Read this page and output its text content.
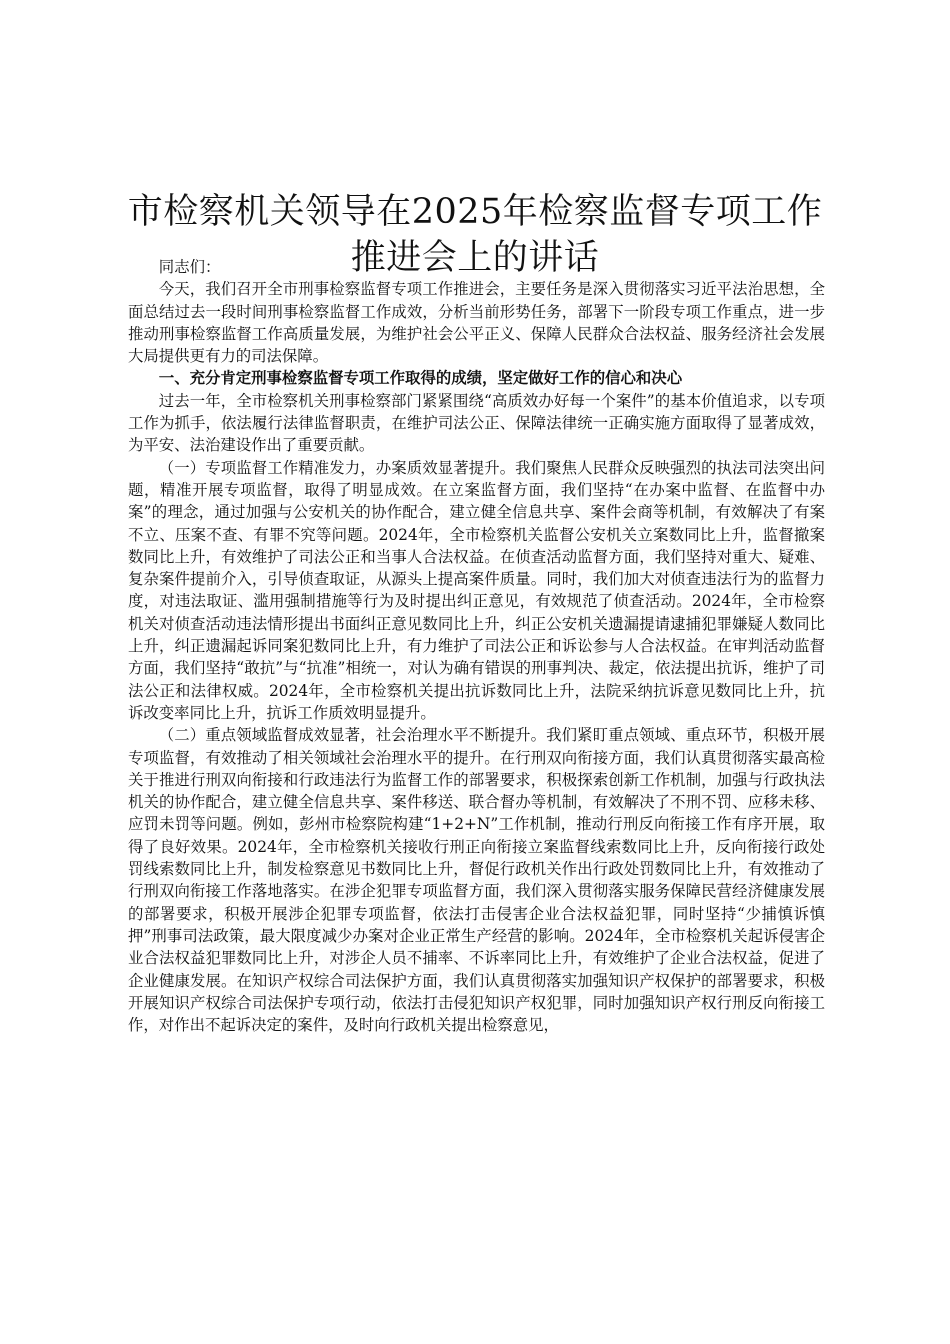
市检察机关领导在2025年检察监督专项工作
推进会上的讲话

同志们：

今天，我们召开全市刑事检察监督专项工作推进会，主要任务是深入贯彻落实习近平法治思想，全面总结过去一段时间刑事检察监督工作成效，分析当前形势任务，部署下一阶段专项工作重点，进一步推动刑事检察监督工作高质量发展，为维护社会公平正义、保障人民群众合法权益、服务经济社会发展大局提供更有力的司法保障。

一、充分肯定刑事检察监督专项工作取得的成绩，坚定做好工作的信心和决心

过去一年，全市检察机关刑事检察部门紧紧围绕“高质效办好每一个案件”的基本价值追求，以专项工作为抓手，依法履行法律监督职责，在维护司法公正、保障法律统一正确实施方面取得了显著成效，为平安、法治建设作出了重要贡献。

（一）专项监督工作精准发力，办案质效显著提升。我们聚焦人民群众反映强烈的执法司法突出问题，精准开展专项监督，取得了明显成效。在立案监督方面，我们坚持“在办案中监督、在监督中办案”的理念，通过加强与公安机关的协作配合，建立健全信息共享、案件会商等机制，有效解决了有案不立、压案不查、有罪不究等问题。2024年，全市检察机关监督公安机关立案数同比上升，监督撤案数同比上升，有效维护了司法公正和当事人合法权益。在侦查活动监督方面，我们坚持对重大、疑难、复杂案件提前介入，引导侦查取证，从源头上提高案件质量。同时，我们加大对侦查违法行为的监督力度，对违法取证、滥用强制措施等行为及时提出纠正意见，有效规范了侦查活动。2024年，全市检察机关对侦查活动违法情形提出书面纠正意见数同比上升，纠正公安机关遗漏提请逮捕犯罪嫌疑人数同比上升，纠正遗漏起诉同案犯数同比上升，有力维护了司法公正和诉讼参与人合法权益。在审判活动监督方面，我们坚持“敢抗”与“抗准”相统一，对认为确有错误的刑事判决、裁定，依法提出抗诉，维护了司法公正和法律权威。2024年，全市检察机关提出抗诉数同比上升，法院采纳抗诉意见数同比上升，抗诉改变率同比上升，抗诉工作质效明显提升。

（二）重点领域监督成效显著，社会治理水平不断提升。我们紧盯重点领域、重点环节，积极开展专项监督，有效推动了相关领域社会治理水平的提升。在行刑双向衔接方面，我们认真贯彻落实最高检关于推进行刑双向衔接和行政违法行为监督工作的部署要求，积极探索创新工作机制，加强与行政执法机关的协作配合，建立健全信息共享、案件移送、联合督办等机制，有效解决了不刑不罚、应移未移、应罚未罚等问题。例如，彭州市检察院构建“1+2+N”工作机制，推动行刑反向衔接工作有序开展，取得了良好效果。2024年，全市检察机关接收行刑正向衔接立案监督线索数同比上升，反向衔接行政处罚线索数同比上升，制发检察意见书数同比上升，督促行政机关作出行政处罚数同比上升，有效推动了行刑双向衔接工作落地落实。在涉企犯罪专项监督方面，我们深入贯彻落实服务保障民营经济健康发展的部署要求，积极开展涉企犯罪专项监督，依法打击侵害企业合法权益犯罪，同时坚持“少捕慎诉慎押”刑事司法政策，最大限度减少办案对企业正常生产经营的影响。2024年，全市检察机关起诉侵害企业合法权益犯罪数同比上升，对涉企人员不捕率、不诉率同比上升，有效维护了企业合法权益，促进了企业健康发展。在知识产权综合司法保护方面，我们认真贯彻落实加强知识产权保护的部署要求，积极开展知识产权综合司法保护专项行动，依法打击侵犯知识产权犯罪，同时加强知识产权行刑反向衔接工作，对作出不起诉决定的案件，及时向行政机关提出检察意见，
